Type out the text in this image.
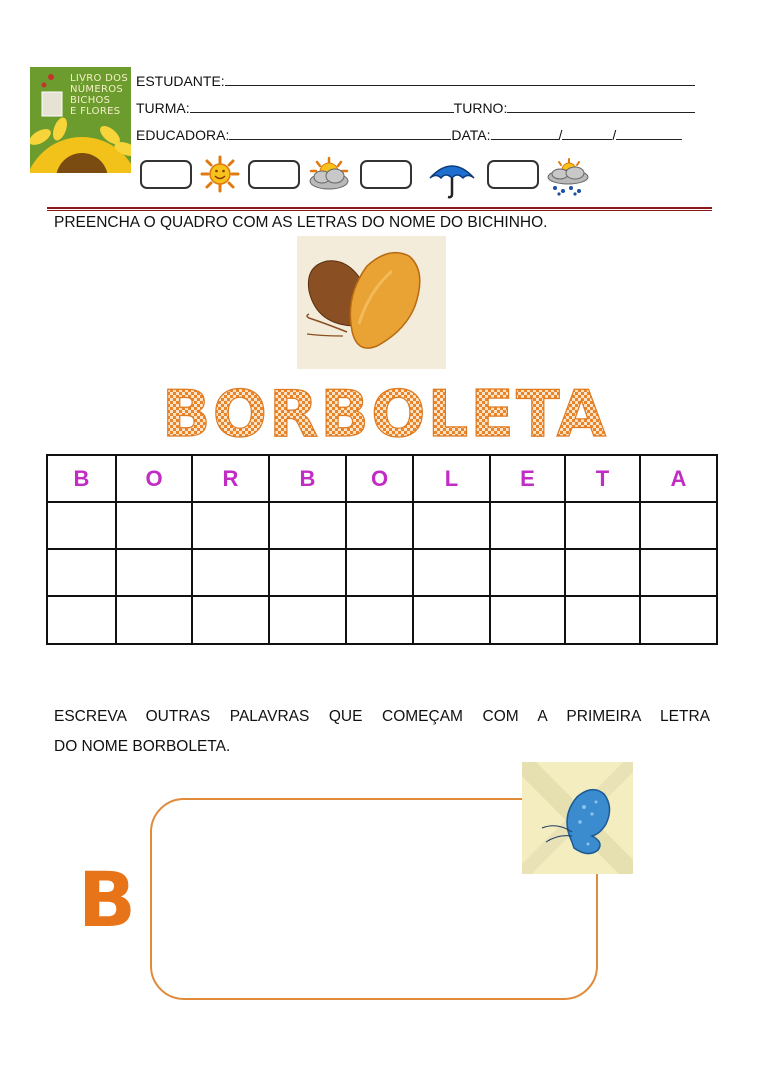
LIVRO DOS
NÚMEROS
BICHOS
E FLORES
ESTUDANTE:
TURMA:	TURNO:
EDUCADORA:	DATA:	/	/
PREENCHA O QUADRO COM AS LETRAS DO NOME DO BICHINHO.
BORBOLETA
B	O	R	B	O	L	E	T	A
ESCREVA OUTRAS PALAVRAS QUE COMEÇAM COM A PRIMEIRA LETRA
DO NOME BORBOLETA.
B
